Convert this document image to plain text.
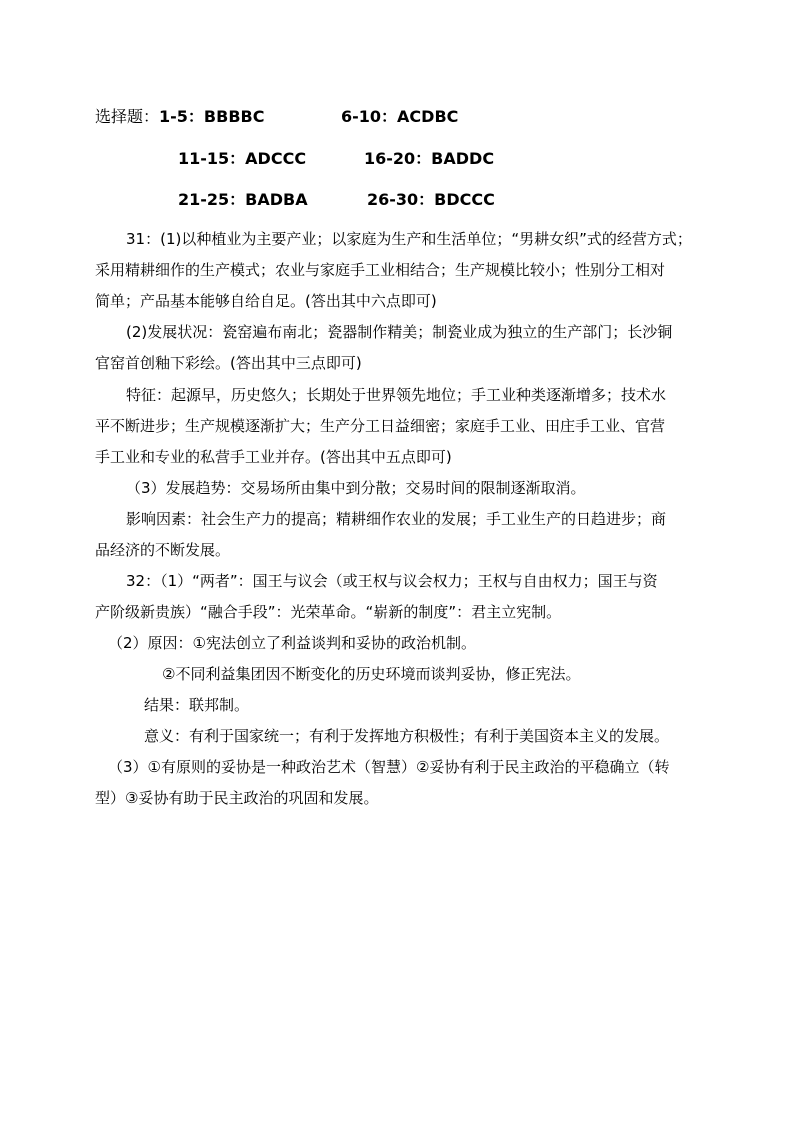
选择题：1-5：BBBBC	6-10：ACDBC
11-15：ADCCC	16-20：BADDC
21-25：BADBA	26-30：BDCCC
31：(1)以种植业为主要产业；以家庭为生产和生活单位；“男耕女织”式的经营方式；
采用精耕细作的生产模式；农业与家庭手工业相结合；生产规模比较小；性别分工相对
简单；产品基本能够自给自足。(答出其中六点即可)
(2)发展状况：瓷窑遍布南北；瓷器制作精美；制瓷业成为独立的生产部门；长沙铜
官窑首创釉下彩绘。(答出其中三点即可)
特征：起源早，历史悠久；长期处于世界领先地位；手工业种类逐渐增多；技术水
平不断进步；生产规模逐渐扩大；生产分工日益细密；家庭手工业、田庄手工业、官营
手工业和专业的私营手工业并存。(答出其中五点即可)
（3）发展趋势：交易场所由集中到分散；交易时间的限制逐渐取消。
影响因素：社会生产力的提高；精耕细作农业的发展；手工业生产的日趋进步；商
品经济的不断发展。
32：（1）“两者”：国王与议会（或王权与议会权力；王权与自由权力；国王与资
产阶级新贵族）“融合手段”：光荣革命。“崭新的制度”：君主立宪制。
（2）原因：①宪法创立了利益谈判和妥协的政治机制。
②不同利益集团因不断变化的历史环境而谈判妥协，修正宪法。
结果：联邦制。
意义：有利于国家统一；有利于发挥地方积极性；有利于美国资本主义的发展。
（3）①有原则的妥协是一种政治艺术（智慧）②妥协有利于民主政治的平稳确立（转
型）③妥协有助于民主政治的巩固和发展。
